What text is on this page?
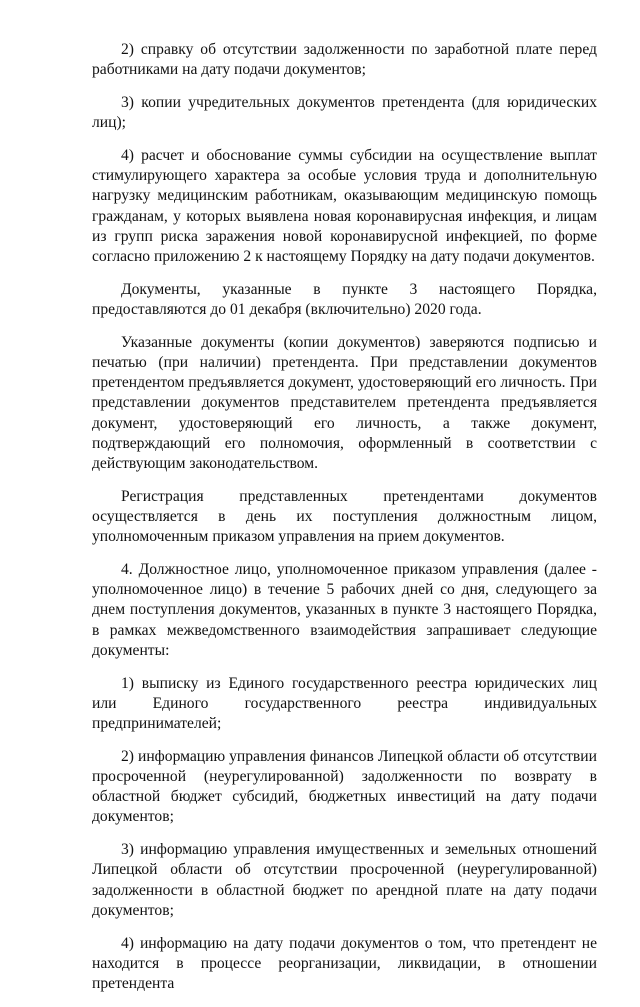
2) справку об отсутствии задолженности по заработной плате перед работниками на дату подачи документов;

3) копии учредительных документов претендента (для юридических лиц);

4) расчет и обоснование суммы субсидии на осуществление выплат стимулирующего характера за особые условия труда и дополнительную нагрузку медицинским работникам, оказывающим медицинскую помощь гражданам, у которых выявлена новая коронавирусная инфекция, и лицам из групп риска заражения новой коронавирусной инфекцией, по форме согласно приложению 2 к настоящему Порядку на дату подачи документов.

Документы, указанные в пункте 3 настоящего Порядка, предоставляются до 01 декабря (включительно) 2020 года.

Указанные документы (копии документов) заверяются подписью и печатью (при наличии) претендента. При представлении документов претендентом предъявляется документ, удостоверяющий его личность. При представлении документов представителем претендента предъявляется документ, удостоверяющий его личность, а также документ, подтверждающий его полномочия, оформленный в соответствии с действующим законодательством.

Регистрация представленных претендентами документов осуществляется в день их поступления должностным лицом, уполномоченным приказом управления на прием документов.

4. Должностное лицо, уполномоченное приказом управления (далее - уполномоченное лицо) в течение 5 рабочих дней со дня, следующего за днем поступления документов, указанных в пункте 3 настоящего Порядка, в рамках межведомственного взаимодействия запрашивает следующие документы:

1) выписку из Единого государственного реестра юридических лиц или Единого государственного реестра индивидуальных предпринимателей;

2) информацию управления финансов Липецкой области об отсутствии просроченной (неурегулированной) задолженности по возврату в областной бюджет субсидий, бюджетных инвестиций на дату подачи документов;

3) информацию управления имущественных и земельных отношений Липецкой области об отсутствии просроченной (неурегулированной) задолженности в областной бюджет по арендной плате на дату подачи документов;

4) информацию на дату подачи документов о том, что претендент не находится в процессе реорганизации, ликвидации, в отношении претендента
